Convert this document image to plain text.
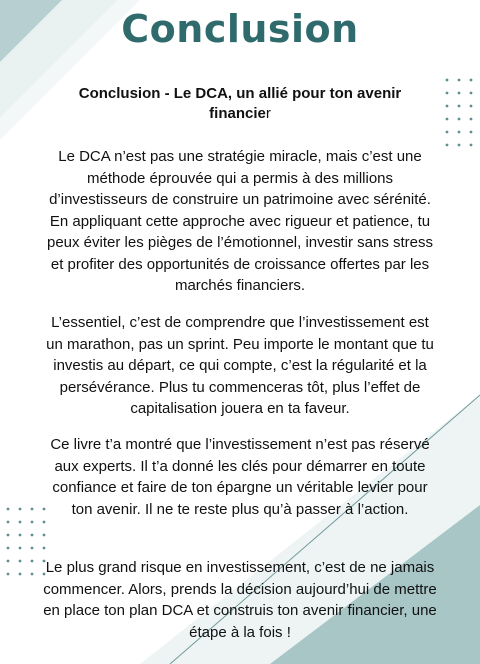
Conclusion
Conclusion - Le DCA, un allié pour ton avenir financier

Le DCA n’est pas une stratégie miracle, mais c’est une méthode éprouvée qui a permis à des millions d’investisseurs de construire un patrimoine avec sérénité. En appliquant cette approche avec rigueur et patience, tu peux éviter les pièges de l’émotionnel, investir sans stress et profiter des opportunités de croissance offertes par les marchés financiers.

L’essentiel, c’est de comprendre que l’investissement est un marathon, pas un sprint. Peu importe le montant que tu investis au départ, ce qui compte, c’est la régularité et la persévérance. Plus tu commenceras tôt, plus l’effet de capitalisation jouera en ta faveur.

Ce livre t’a montré que l’investissement n’est pas réservé aux experts. Il t’a donné les clés pour démarrer en toute confiance et faire de ton épargne un véritable levier pour ton avenir. Il ne te reste plus qu’à passer à l’action.

Le plus grand risque en investissement, c’est de ne jamais commencer. Alors, prends la décision aujourd’hui de mettre en place ton plan DCA et construis ton avenir financier, une étape à la fois !
